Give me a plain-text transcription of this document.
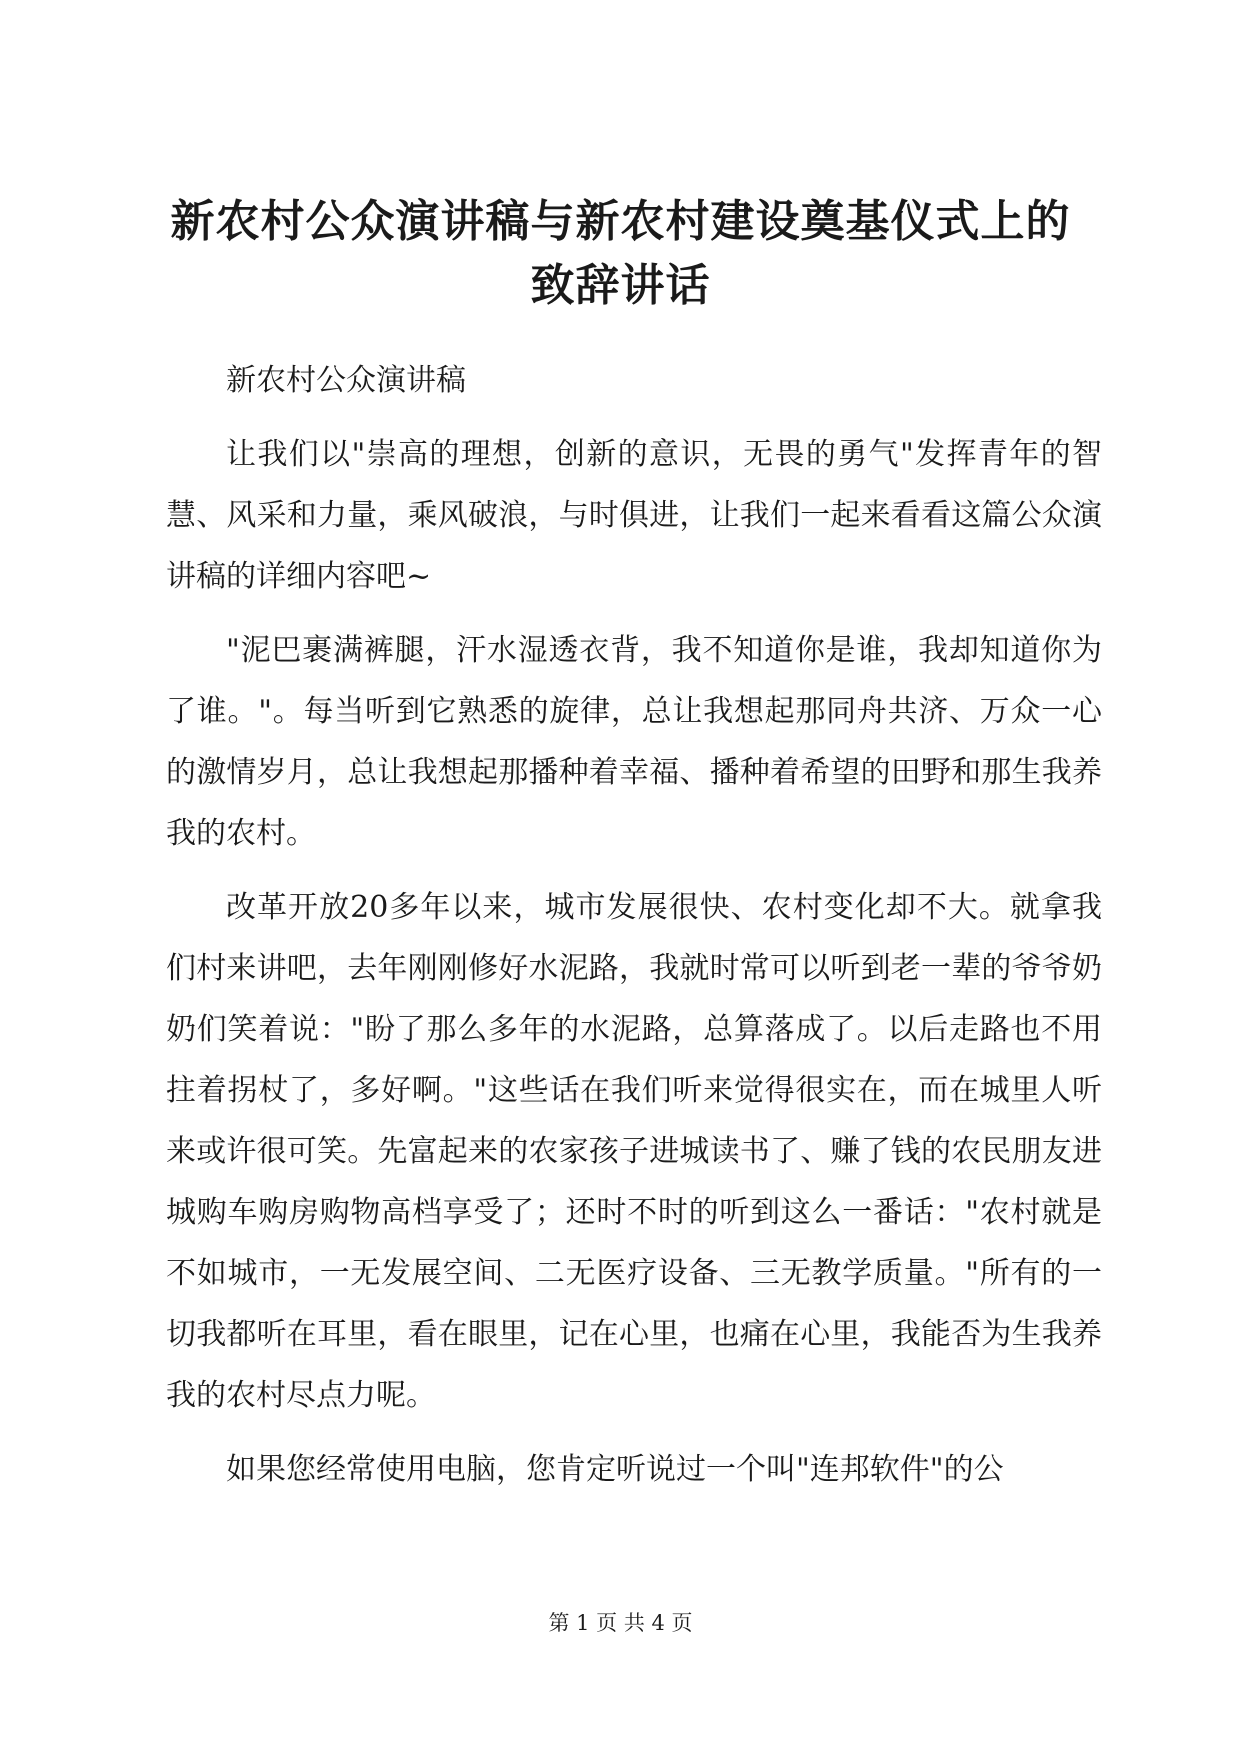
新农村公众演讲稿与新农村建设奠基仪式上的
致辞讲话

新农村公众演讲稿

让我们以"崇高的理想，创新的意识，无畏的勇气"发挥青年的智慧、风采和力量，乘风破浪，与时俱进，让我们一起来看看这篇公众演讲稿的详细内容吧~

"泥巴裹满裤腿，汗水湿透衣背，我不知道你是谁，我却知道你为了谁。"。每当听到它熟悉的旋律，总让我想起那同舟共济、万众一心的激情岁月，总让我想起那播种着幸福、播种着希望的田野和那生我养我的农村。

改革开放20多年以来，城市发展很快、农村变化却不大。就拿我们村来讲吧，去年刚刚修好水泥路，我就时常可以听到老一辈的爷爷奶奶们笑着说："盼了那么多年的水泥路，总算落成了。以后走路也不用拄着拐杖了，多好啊。"这些话在我们听来觉得很实在，而在城里人听来或许很可笑。先富起来的农家孩子进城读书了、赚了钱的农民朋友进城购车购房购物高档享受了；还时不时的听到这么一番话："农村就是不如城市，一无发展空间、二无医疗设备、三无教学质量。"所有的一切我都听在耳里，看在眼里，记在心里，也痛在心里，我能否为生我养我的农村尽点力呢。

如果您经常使用电脑，您肯定听说过一个叫"连邦软件"的公

第 1 页 共 4 页
